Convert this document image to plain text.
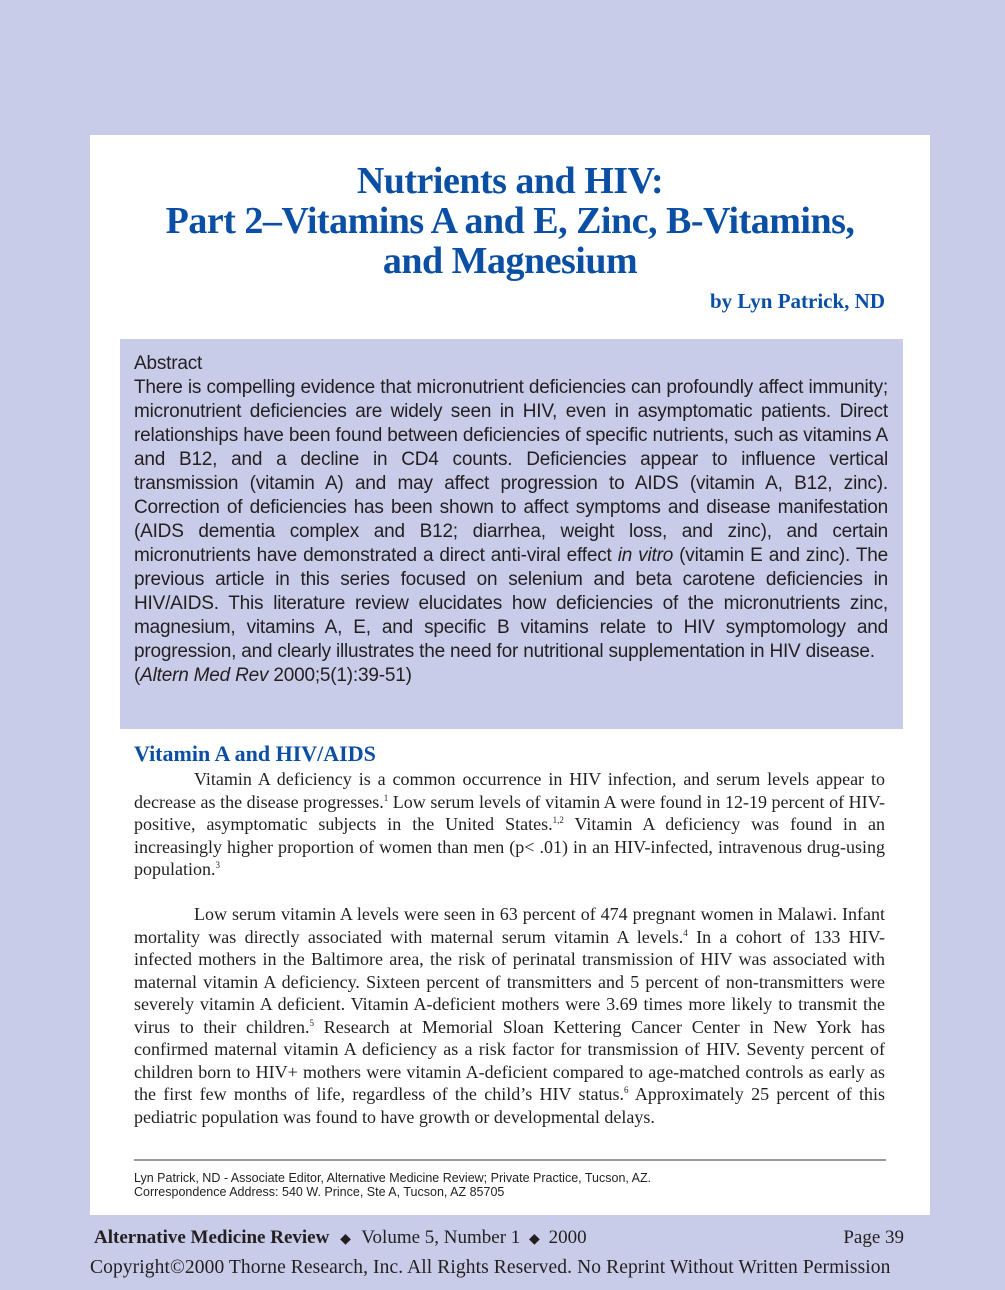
Nutrients and HIV:
Part 2–Vitamins A and E, Zinc, B-Vitamins,
and Magnesium
by Lyn Patrick, ND
Abstract
There is compelling evidence that micronutrient deficiencies can profoundly affect immunity; micronutrient deficiencies are widely seen in HIV, even in asymptomatic patients. Direct relationships have been found between deficiencies of specific nutrients, such as vitamins A and B12, and a decline in CD4 counts. Deficiencies appear to influence vertical transmission (vitamin A) and may affect progression to AIDS (vitamin A, B12, zinc). Correction of deficiencies has been shown to affect symptoms and disease manifestation (AIDS dementia complex and B12; diarrhea, weight loss, and zinc), and certain micronutrients have demonstrated a direct anti-viral effect in vitro (vitamin E and zinc). The previous article in this series focused on selenium and beta carotene deficiencies in HIV/AIDS. This literature review elucidates how deficiencies of the micronutrients zinc, magnesium, vitamins A, E, and specific B vitamins relate to HIV symptomology and progression, and clearly illustrates the need for nutritional supplementation in HIV disease.
(Altern Med Rev 2000;5(1):39-51)
Vitamin A and HIV/AIDS

Vitamin A deficiency is a common occurrence in HIV infection, and serum levels appear to decrease as the disease progresses.$^1$ Low serum levels of vitamin A were found in 12-19 percent of HIV-positive, asymptomatic subjects in the United States.$^{1,2}$ Vitamin A deficiency was found in an increasingly higher proportion of women than men (p< .01) in an HIV-infected, intravenous drug-using population.$^3$

Low serum vitamin A levels were seen in 63 percent of 474 pregnant women in Malawi. Infant mortality was directly associated with maternal serum vitamin A levels.$^4$ In a cohort of 133 HIV-infected mothers in the Baltimore area, the risk of perinatal transmission of HIV was associated with maternal vitamin A deficiency. Sixteen percent of transmitters and 5 percent of non-transmitters were severely vitamin A deficient. Vitamin A-deficient mothers were 3.69 times more likely to transmit the virus to their children.$^5$ Research at Memorial Sloan Kettering Cancer Center in New York has confirmed maternal vitamin A deficiency as a risk factor for transmission of HIV. Seventy percent of children born to HIV+ mothers were vitamin A-deficient compared to age-matched controls as early as the first few months of life, regardless of the child’s HIV status.$^6$ Approximately 25 percent of this pediatric population was found to have growth or developmental delays.

Lyn Patrick, ND - Associate Editor, Alternative Medicine Review; Private Practice, Tucson, AZ.
Correspondence Address: 540 W. Prince, Ste A, Tucson, AZ 85705
Alternative Medicine Review ◆ Volume 5, Number 1 ◆ 2000	Page 39
Copyright©2000 Thorne Research, Inc. All Rights Reserved. No Reprint Without Written Permission
